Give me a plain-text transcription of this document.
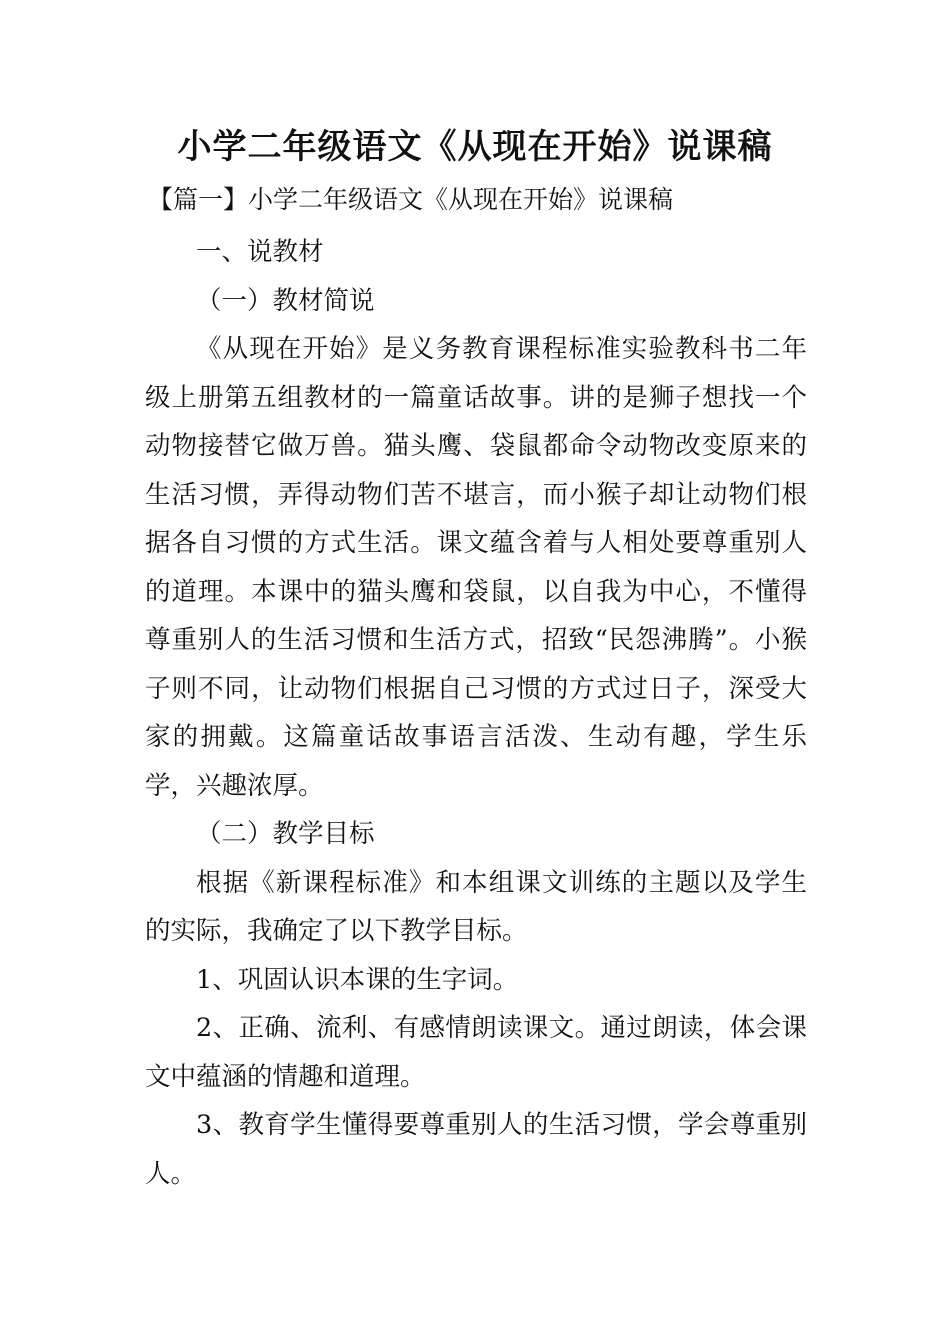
小学二年级语文《从现在开始》说课稿

【篇一】小学二年级语文《从现在开始》说课稿

一、说教材

（一）教材简说

《从现在开始》是义务教育课程标准实验教科书二年级上册第五组教材的一篇童话故事。讲的是狮子想找一个动物接替它做万兽。猫头鹰、袋鼠都命令动物改变原来的生活习惯，弄得动物们苦不堪言，而小猴子却让动物们根据各自习惯的方式生活。课文蕴含着与人相处要尊重别人的道理。本课中的猫头鹰和袋鼠，以自我为中心，不懂得尊重别人的生活习惯和生活方式，招致“民怨沸腾”。小猴子则不同，让动物们根据自己习惯的方式过日子，深受大家的拥戴。这篇童话故事语言活泼、生动有趣，学生乐学，兴趣浓厚。

（二）教学目标

根据《新课程标准》和本组课文训练的主题以及学生的实际，我确定了以下教学目标。

1、巩固认识本课的生字词。

2、正确、流利、有感情朗读课文。通过朗读，体会课文中蕴涵的情趣和道理。

3、教育学生懂得要尊重别人的生活习惯，学会尊重别人。
